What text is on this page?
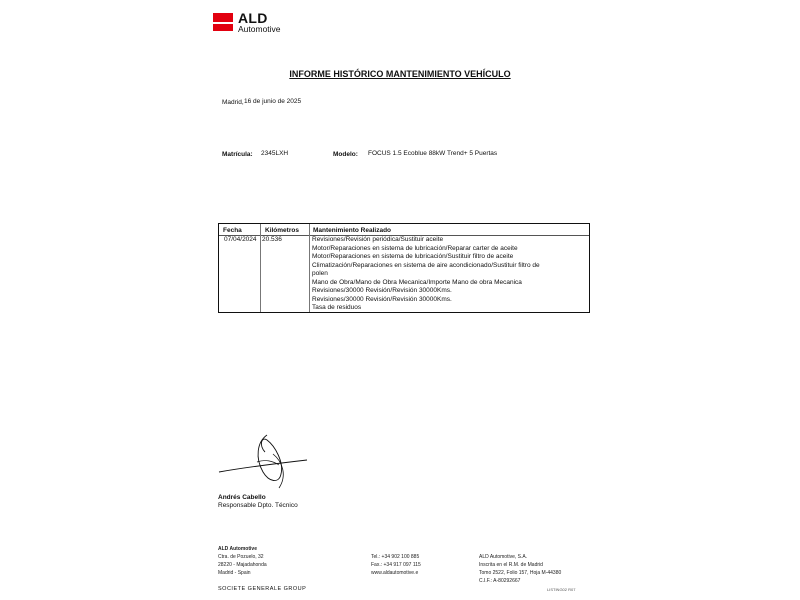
ALD
Automotive
INFORME HISTÓRICO MANTENIMIENTO VEHÍCULO
Madrid, 16 de junio de 2025
Matrícula: 2345LXH	Modelo: FOCUS 1.5 Ecoblue 88kW Trend+ 5 Puertas
Fecha	Kilómetros Mantenimiento Realizado
07/04/2024 20.536	Revisiones/Revisión periódica/Sustituir aceite
Motor/Reparaciones en sistema de lubricación/Reparar carter de aceite
Motor/Reparaciones en sistema de lubricación/Sustituir filtro de aceite
Climatización/Reparaciones en sistema de aire acondicionado/Sustituir filtro de
polen
Mano de Obra/Mano de Obra Mecanica/Importe Mano de obra Mecanica
Revisiones/30000 Revisión/Revisión 30000Kms.
Revisiones/30000 Revisión/Revisión 30000Kms.
Tasa de residuos
Andrés Cabello
Responsable Dpto. Técnico
ALD Automotive
Ctra. de Pozuelo, 32
28220 - Majadahonda
Madrid - Spain
Tel.: +34 902 100 885
Fax.: +34 917 097 115
www.aldautomotive.e
ALD Automotive, S.A.
Inscrita en el R.M. de Madrid
Tomo 2522, Folio 157, Hoja M-44380
C.I.F.: A-80292667
SOCIETE GENERALE GROUP	LISTING02 R07
